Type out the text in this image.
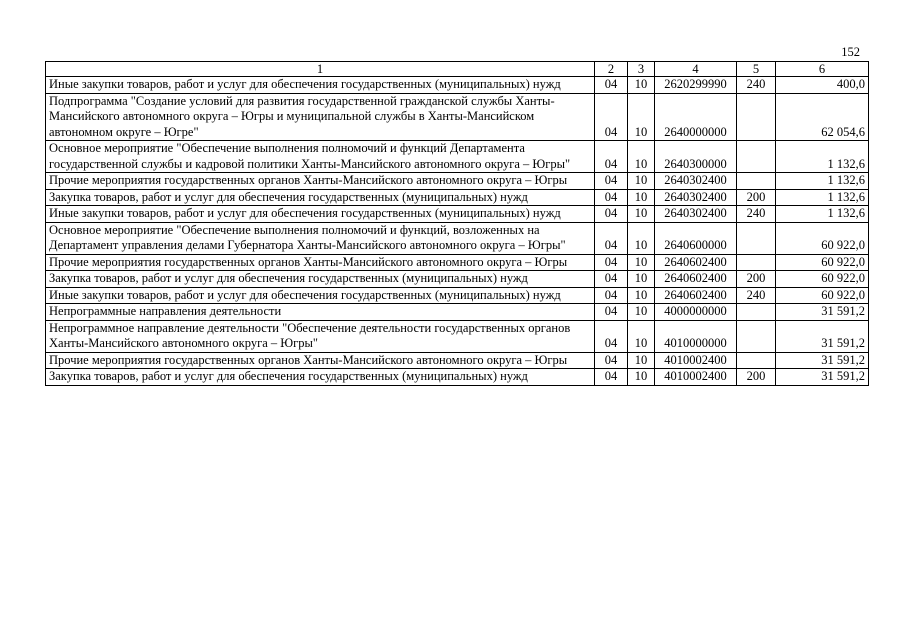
152
1	2	3	4	5	6
Иные закупки товаров, работ и услуг для обеспечения государственных (муниципальных) нужд	04	10	2620299990	240	400,0
Подпрограмма "Создание условий для развития государственной гражданской службы Ханты-Мансийского автономного округа – Югры и муниципальной службы в Ханты-Мансийском автономном округе – Югре"	04	10	2640000000		62 054,6
Основное мероприятие "Обеспечение выполнения полномочий и функций Департамента государственной службы и кадровой политики Ханты-Мансийского автономного округа – Югры"	04	10	2640300000		1 132,6
Прочие мероприятия государственных органов Ханты-Мансийского автономного округа – Югры	04	10	2640302400		1 132,6
Закупка товаров, работ и услуг для обеспечения государственных (муниципальных) нужд	04	10	2640302400	200	1 132,6
Иные закупки товаров, работ и услуг для обеспечения государственных (муниципальных) нужд	04	10	2640302400	240	1 132,6
Основное мероприятие "Обеспечение выполнения полномочий и функций, возложенных на Департамент управления делами Губернатора Ханты-Мансийского автономного округа – Югры"	04	10	2640600000		60 922,0
Прочие мероприятия государственных органов Ханты-Мансийского автономного округа – Югры	04	10	2640602400		60 922,0
Закупка товаров, работ и услуг для обеспечения государственных (муниципальных) нужд	04	10	2640602400	200	60 922,0
Иные закупки товаров, работ и услуг для обеспечения государственных (муниципальных) нужд	04	10	2640602400	240	60 922,0
Непрограммные направления деятельности	04	10	4000000000		31 591,2
Непрограммное направление деятельности "Обеспечение деятельности государственных органов Ханты-Мансийского автономного округа – Югры"	04	10	4010000000		31 591,2
Прочие мероприятия государственных органов Ханты-Мансийского автономного округа – Югры	04	10	4010002400		31 591,2
Закупка товаров, работ и услуг для обеспечения государственных (муниципальных) нужд	04	10	4010002400	200	31 591,2
